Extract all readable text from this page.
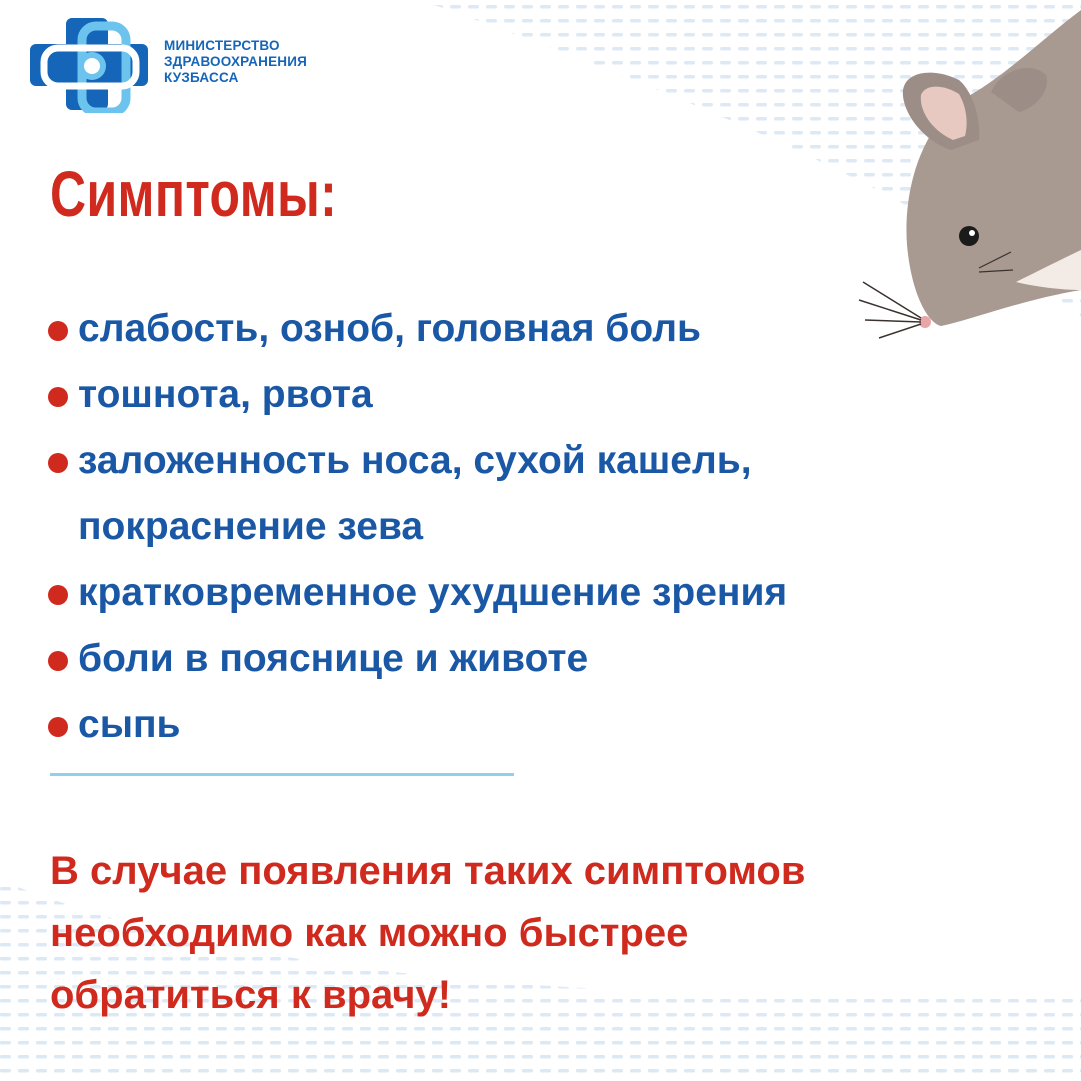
МИНИСТЕРСТВО
ЗДРАВООХРАНЕНИЯ
КУЗБАССА
Симптомы:
слабость, озноб, головная боль
тошнота, рвота
заложенность носа, сухой кашель,
покраснение зева
кратковременное ухудшение зрения
боли в пояснице и животе
сыпь
В случае появления таких симптомов
необходимо как можно быстрее
обратиться к врачу!
